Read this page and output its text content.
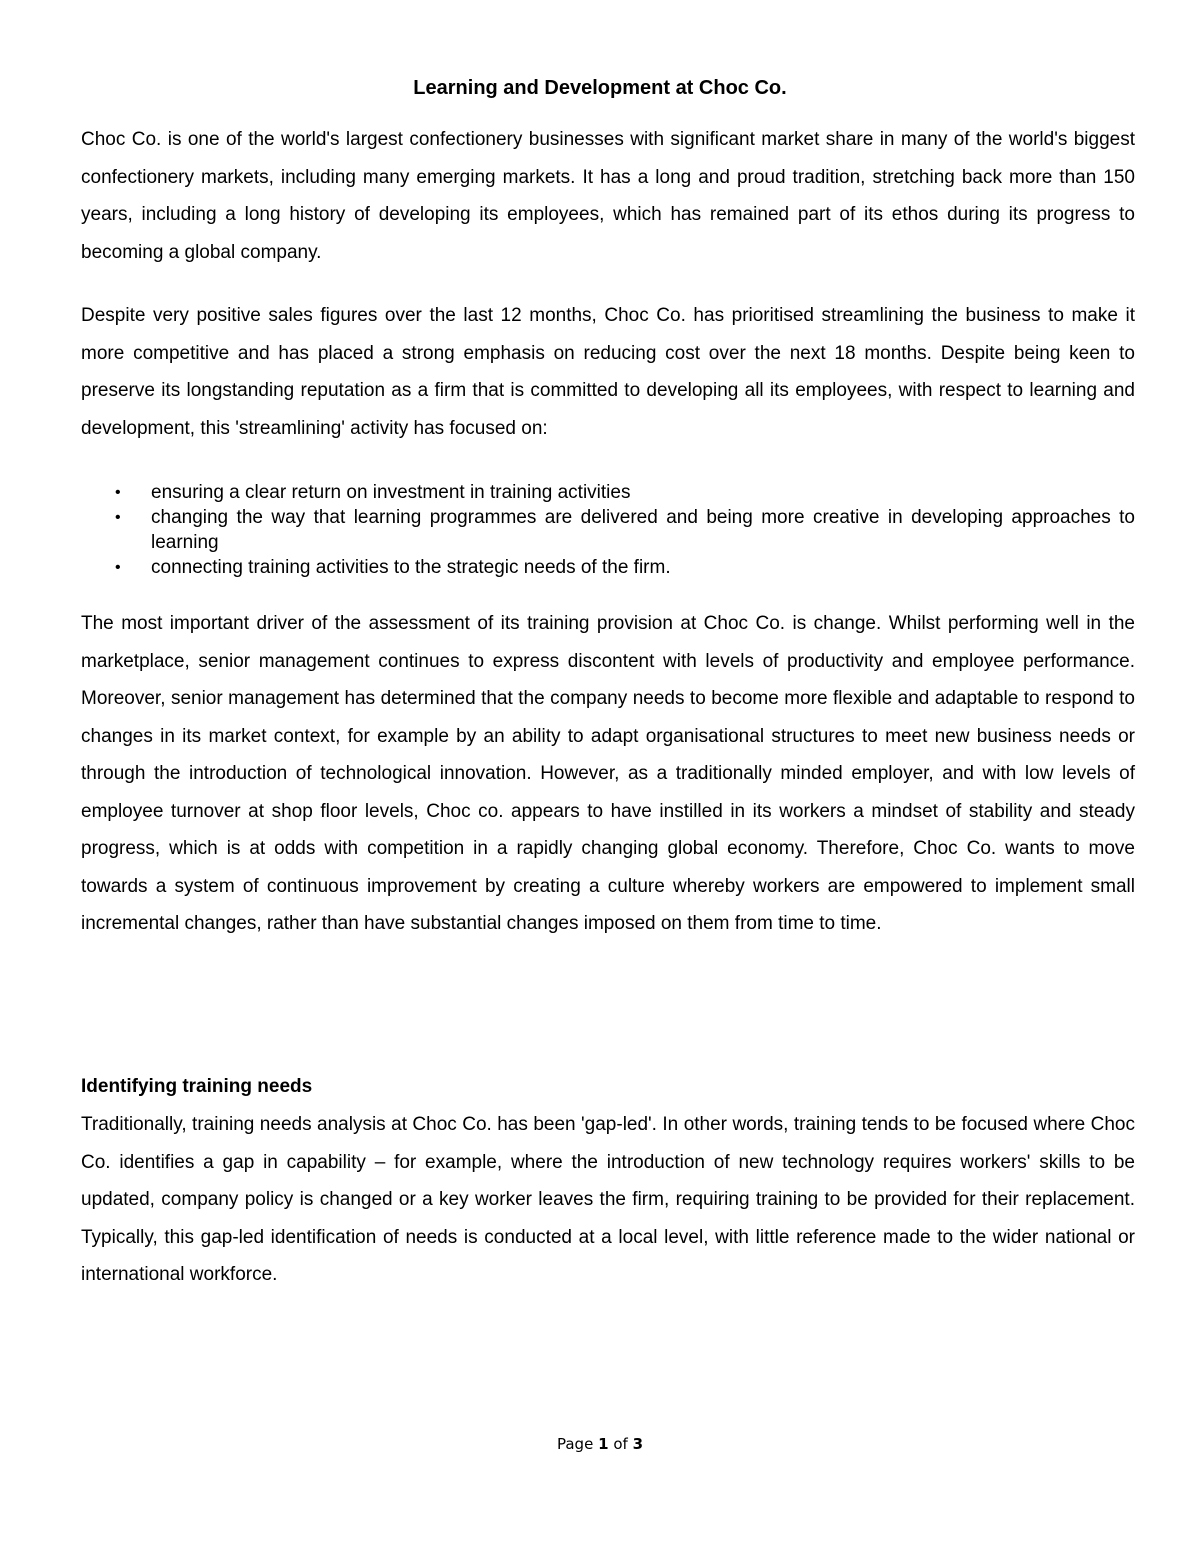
Learning and Development at Choc Co.

Choc Co. is one of the world's largest confectionery businesses with significant market share in many of the world's biggest confectionery markets, including many emerging markets. It has a long and proud tradition, stretching back more than 150 years, including a long history of developing its employees, which has remained part of its ethos during its progress to becoming a global company.

Despite very positive sales figures over the last 12 months, Choc Co. has prioritised streamlining the business to make it more competitive and has placed a strong emphasis on reducing cost over the next 18 months. Despite being keen to preserve its longstanding reputation as a firm that is committed to developing all its employees, with respect to learning and development, this 'streamlining' activity has focused on:

• ensuring a clear return on investment in training activities
• changing the way that learning programmes are delivered and being more creative in developing approaches to learning
• connecting training activities to the strategic needs of the firm.

The most important driver of the assessment of its training provision at Choc Co. is change. Whilst performing well in the marketplace, senior management continues to express discontent with levels of productivity and employee performance. Moreover, senior management has determined that the company needs to become more flexible and adaptable to respond to changes in its market context, for example by an ability to adapt organisational structures to meet new business needs or through the introduction of technological innovation. However, as a traditionally minded employer, and with low levels of employee turnover at shop floor levels, Choc co. appears to have instilled in its workers a mindset of stability and steady progress, which is at odds with competition in a rapidly changing global economy. Therefore, Choc Co. wants to move towards a system of continuous improvement by creating a culture whereby workers are empowered to implement small incremental changes, rather than have substantial changes imposed on them from time to time.

Identifying training needs

Traditionally, training needs analysis at Choc Co. has been 'gap-led'. In other words, training tends to be focused where Choc Co. identifies a gap in capability – for example, where the introduction of new technology requires workers' skills to be updated, company policy is changed or a key worker leaves the firm, requiring training to be provided for their replacement. Typically, this gap-led identification of needs is conducted at a local level, with little reference made to the wider national or international workforce.

Page 1 of 3
